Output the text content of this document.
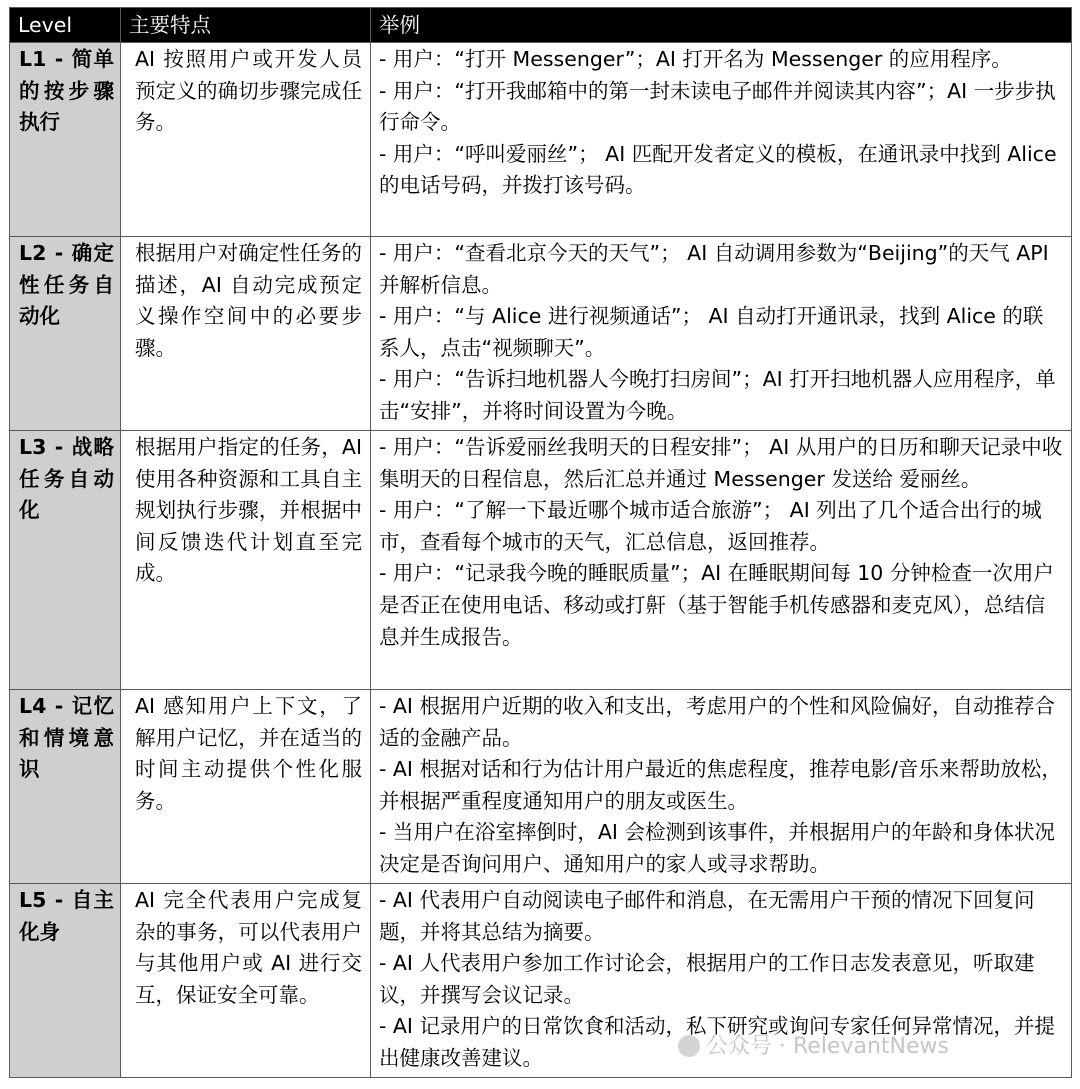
Level	主要特点	举例
L1 - 简单的按步骤执行	AI 按照用户或开发人员预定义的确切步骤完成任务。	- 用户：“打开 Messenger”；AI 打开名为 Messenger 的应用程序。
- 用户：“打开我邮箱中的第一封未读电子邮件并阅读其内容”；AI 一步步执行命令。
- 用户：“呼叫爱丽丝”； AI 匹配开发者定义的模板，在通讯录中找到 Alice 的电话号码，并拨打该号码。

L2 - 确定性任务自动化	根据用户对确定性任务的描述，AI 自动完成预定义操作空间中的必要步骤。	- 用户：“查看北京今天的天气”； AI 自动调用参数为“Beijing”的天气 API 并解析信息。
- 用户：“与 Alice 进行视频通话”； AI 自动打开通讯录，找到 Alice 的联系人，点击“视频聊天”。
- 用户：“告诉扫地机器人今晚打扫房间”；AI 打开扫地机器人应用程序，单击“安排”，并将时间设置为今晚。

L3 - 战略任务自动化	根据用户指定的任务，AI 使用各种资源和工具自主规划执行步骤，并根据中间反馈迭代计划直至完成。	- 用户：“告诉爱丽丝我明天的日程安排”； AI 从用户的日历和聊天记录中收集明天的日程信息，然后汇总并通过 Messenger 发送给 爱丽丝。
- 用户：“了解一下最近哪个城市适合旅游”； AI 列出了几个适合出行的城市，查看每个城市的天气，汇总信息，返回推荐。
- 用户：“记录我今晚的睡眠质量”；AI 在睡眠期间每 10 分钟检查一次用户是否正在使用电话、移动或打鼾（基于智能手机传感器和麦克风），总结信息并生成报告。

L4 - 记忆和情境意识	AI 感知用户上下文，了解用户记忆，并在适当的时间主动提供个性化服务。	- AI 根据用户近期的收入和支出，考虑用户的个性和风险偏好，自动推荐合适的金融产品。
- AI 根据对话和行为估计用户最近的焦虑程度，推荐电影/音乐来帮助放松，并根据严重程度通知用户的朋友或医生。
- 当用户在浴室摔倒时，AI 会检测到该事件，并根据用户的年龄和身体状况决定是否询问用户、通知用户的家人或寻求帮助。

L5 - 自主化身	AI 完全代表用户完成复杂的事务，可以代表用户与其他用户或 AI 进行交互，保证安全可靠。	- AI 代表用户自动阅读电子邮件和消息，在无需用户干预的情况下回复问题，并将其总结为摘要。
- AI 人代表用户参加工作讨论会，根据用户的工作日志发表意见，听取建议，并撰写会议记录。
- AI 记录用户的日常饮食和活动，私下研究或询问专家任何异常情况，并提出健康改善建议。	公众号 · RelevantNews
